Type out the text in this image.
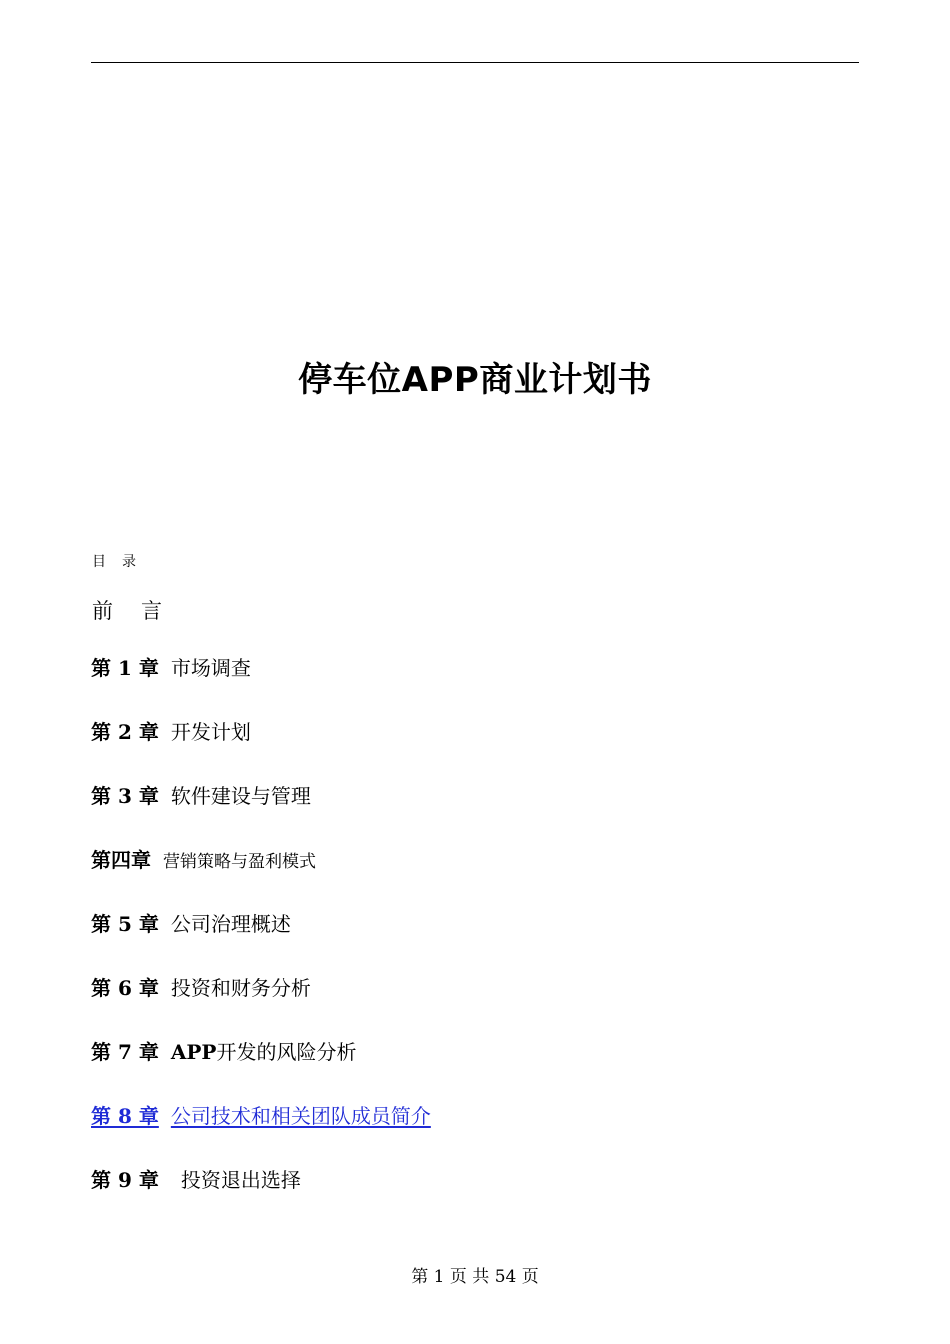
停车位APP商业计划书
目录
前言
第 1 章 市场调查
第 2 章 开发计划
第 3 章 软件建设与管理
第四章 营销策略与盈利模式
第 5 章 公司治理概述
第 6 章 投资和财务分析
第 7 章 APP开发的风险分析
第 8 章 公司技术和相关团队成员简介
第 9 章 投资退出选择
第 1 页 共 54 页
